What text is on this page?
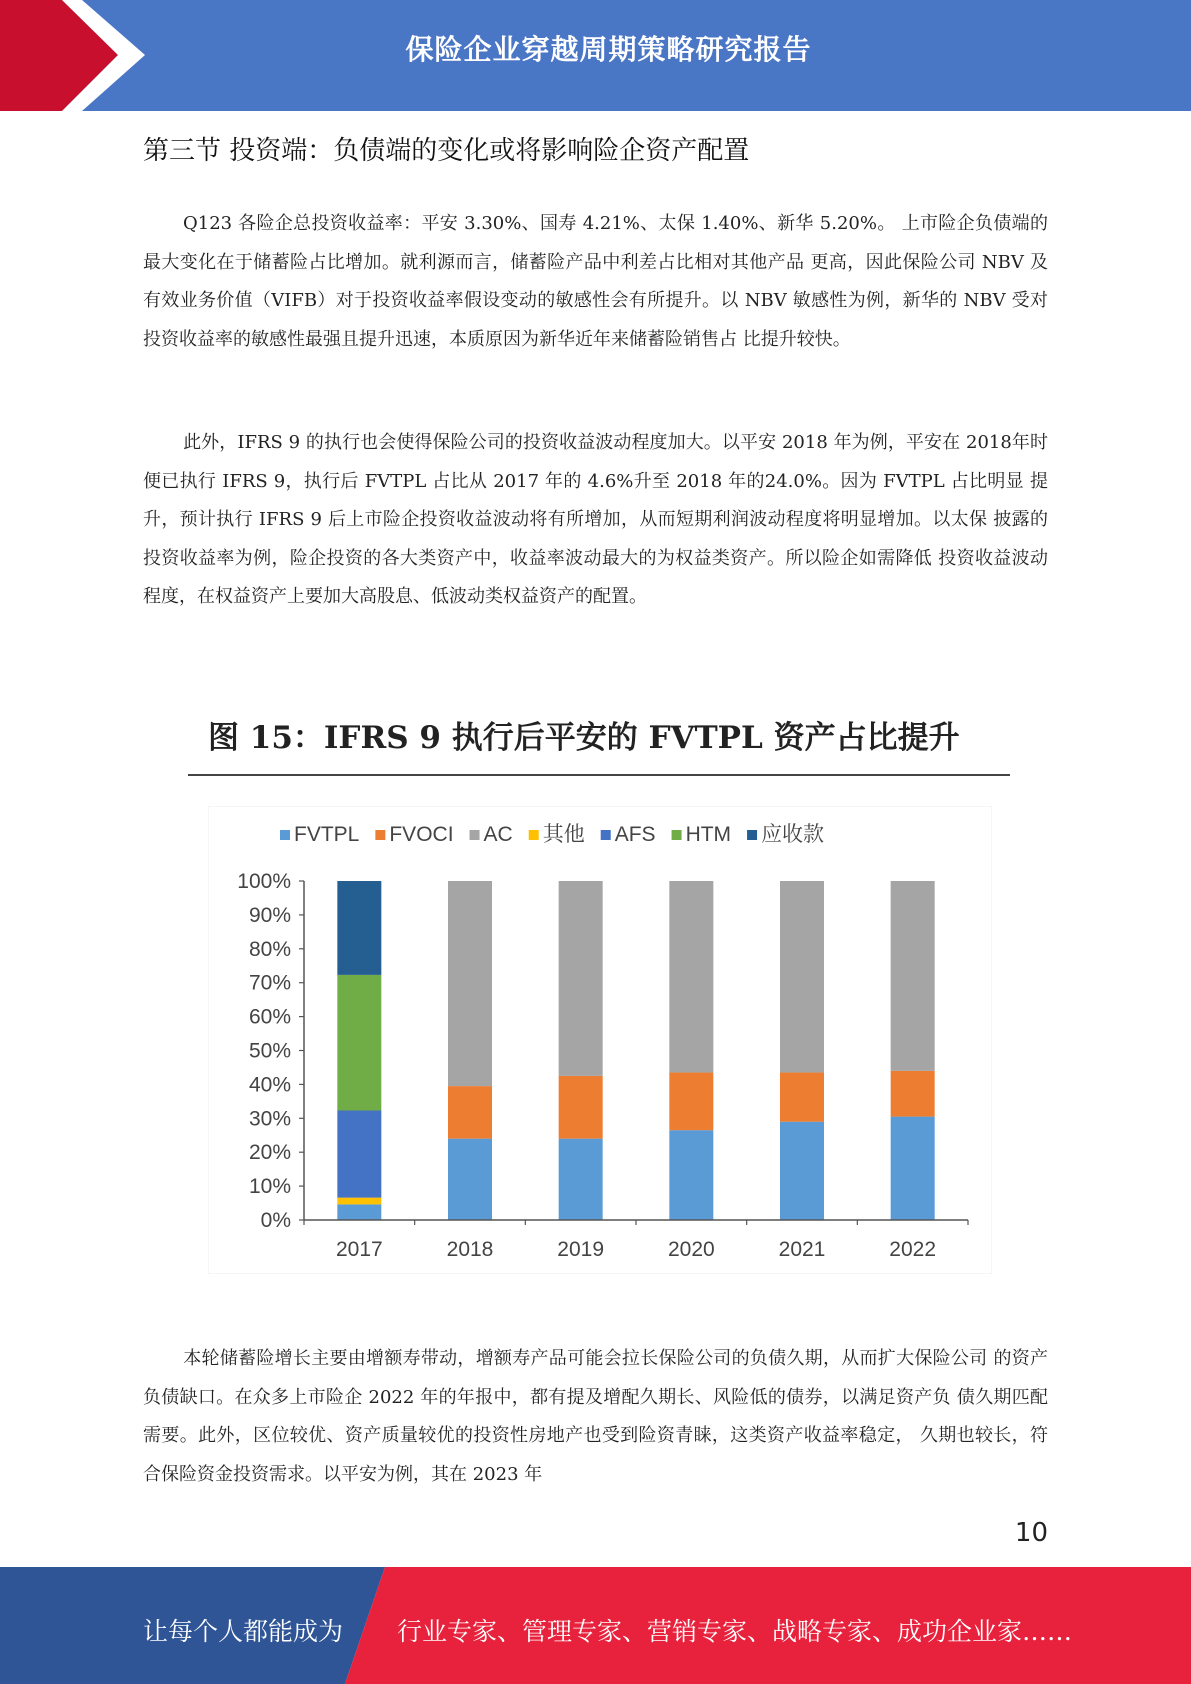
保险企业穿越周期策略研究报告
第三节 投资端：负债端的变化或将影响险企资产配置

Q123 各险企总投资收益率：平安 3.30%、国寿 4.21%、太保 1.40%、新华 5.20%。 上市险企负债端的最大变化在于储蓄险占比增加。就利源而言，储蓄险产品中利差占比相对其他产品 更高，因此保险公司 NBV 及有效业务价值（VIFB）对于投资收益率假设变动的敏感性会有所提升。以 NBV 敏感性为例，新华的 NBV 受对投资收益率的敏感性最强且提升迅速，本质原因为新华近年来储蓄险销售占 比提升较快。

此外，IFRS 9 的执行也会使得保险公司的投资收益波动程度加大。以平安 2018 年为例，平安在 2018年时便已执行 IFRS 9，执行后 FVTPL 占比从 2017 年的 4.6%升至 2018 年的24.0%。因为 FVTPL 占比明显 提升，预计执行 IFRS 9 后上市险企投资收益波动将有所增加，从而短期利润波动程度将明显增加。以太保 披露的投资收益率为例，险企投资的各大类资产中，收益率波动最大的为权益类资产。所以险企如需降低 投资收益波动程度，在权益资产上要加大高股息、低波动类权益资产的配置。

图 15：IFRS 9 执行后平安的 FVTPL 资产占比提升
FVTPL FVOCI AC 其他 AFS HTM 应收款
0%
10%
20%
30%
40%
50%
60%
70%
80%
90%
100%
2017	2018	2019	2020	2021	2022

本轮储蓄险增长主要由增额寿带动，增额寿产品可能会拉长保险公司的负债久期，从而扩大保险公司 的资产负债缺口。在众多上市险企 2022 年的年报中，都有提及增配久期长、风险低的债券，以满足资产负 债久期匹配需要。此外，区位较优、资产质量较优的投资性房地产也受到险资青睐，这类资产收益率稳定， 久期也较长，符合保险资金投资需求。以平安为例，其在 2023 年

10
让每个人都能成为 行业专家、管理专家、营销专家、战略专家、成功企业家……
